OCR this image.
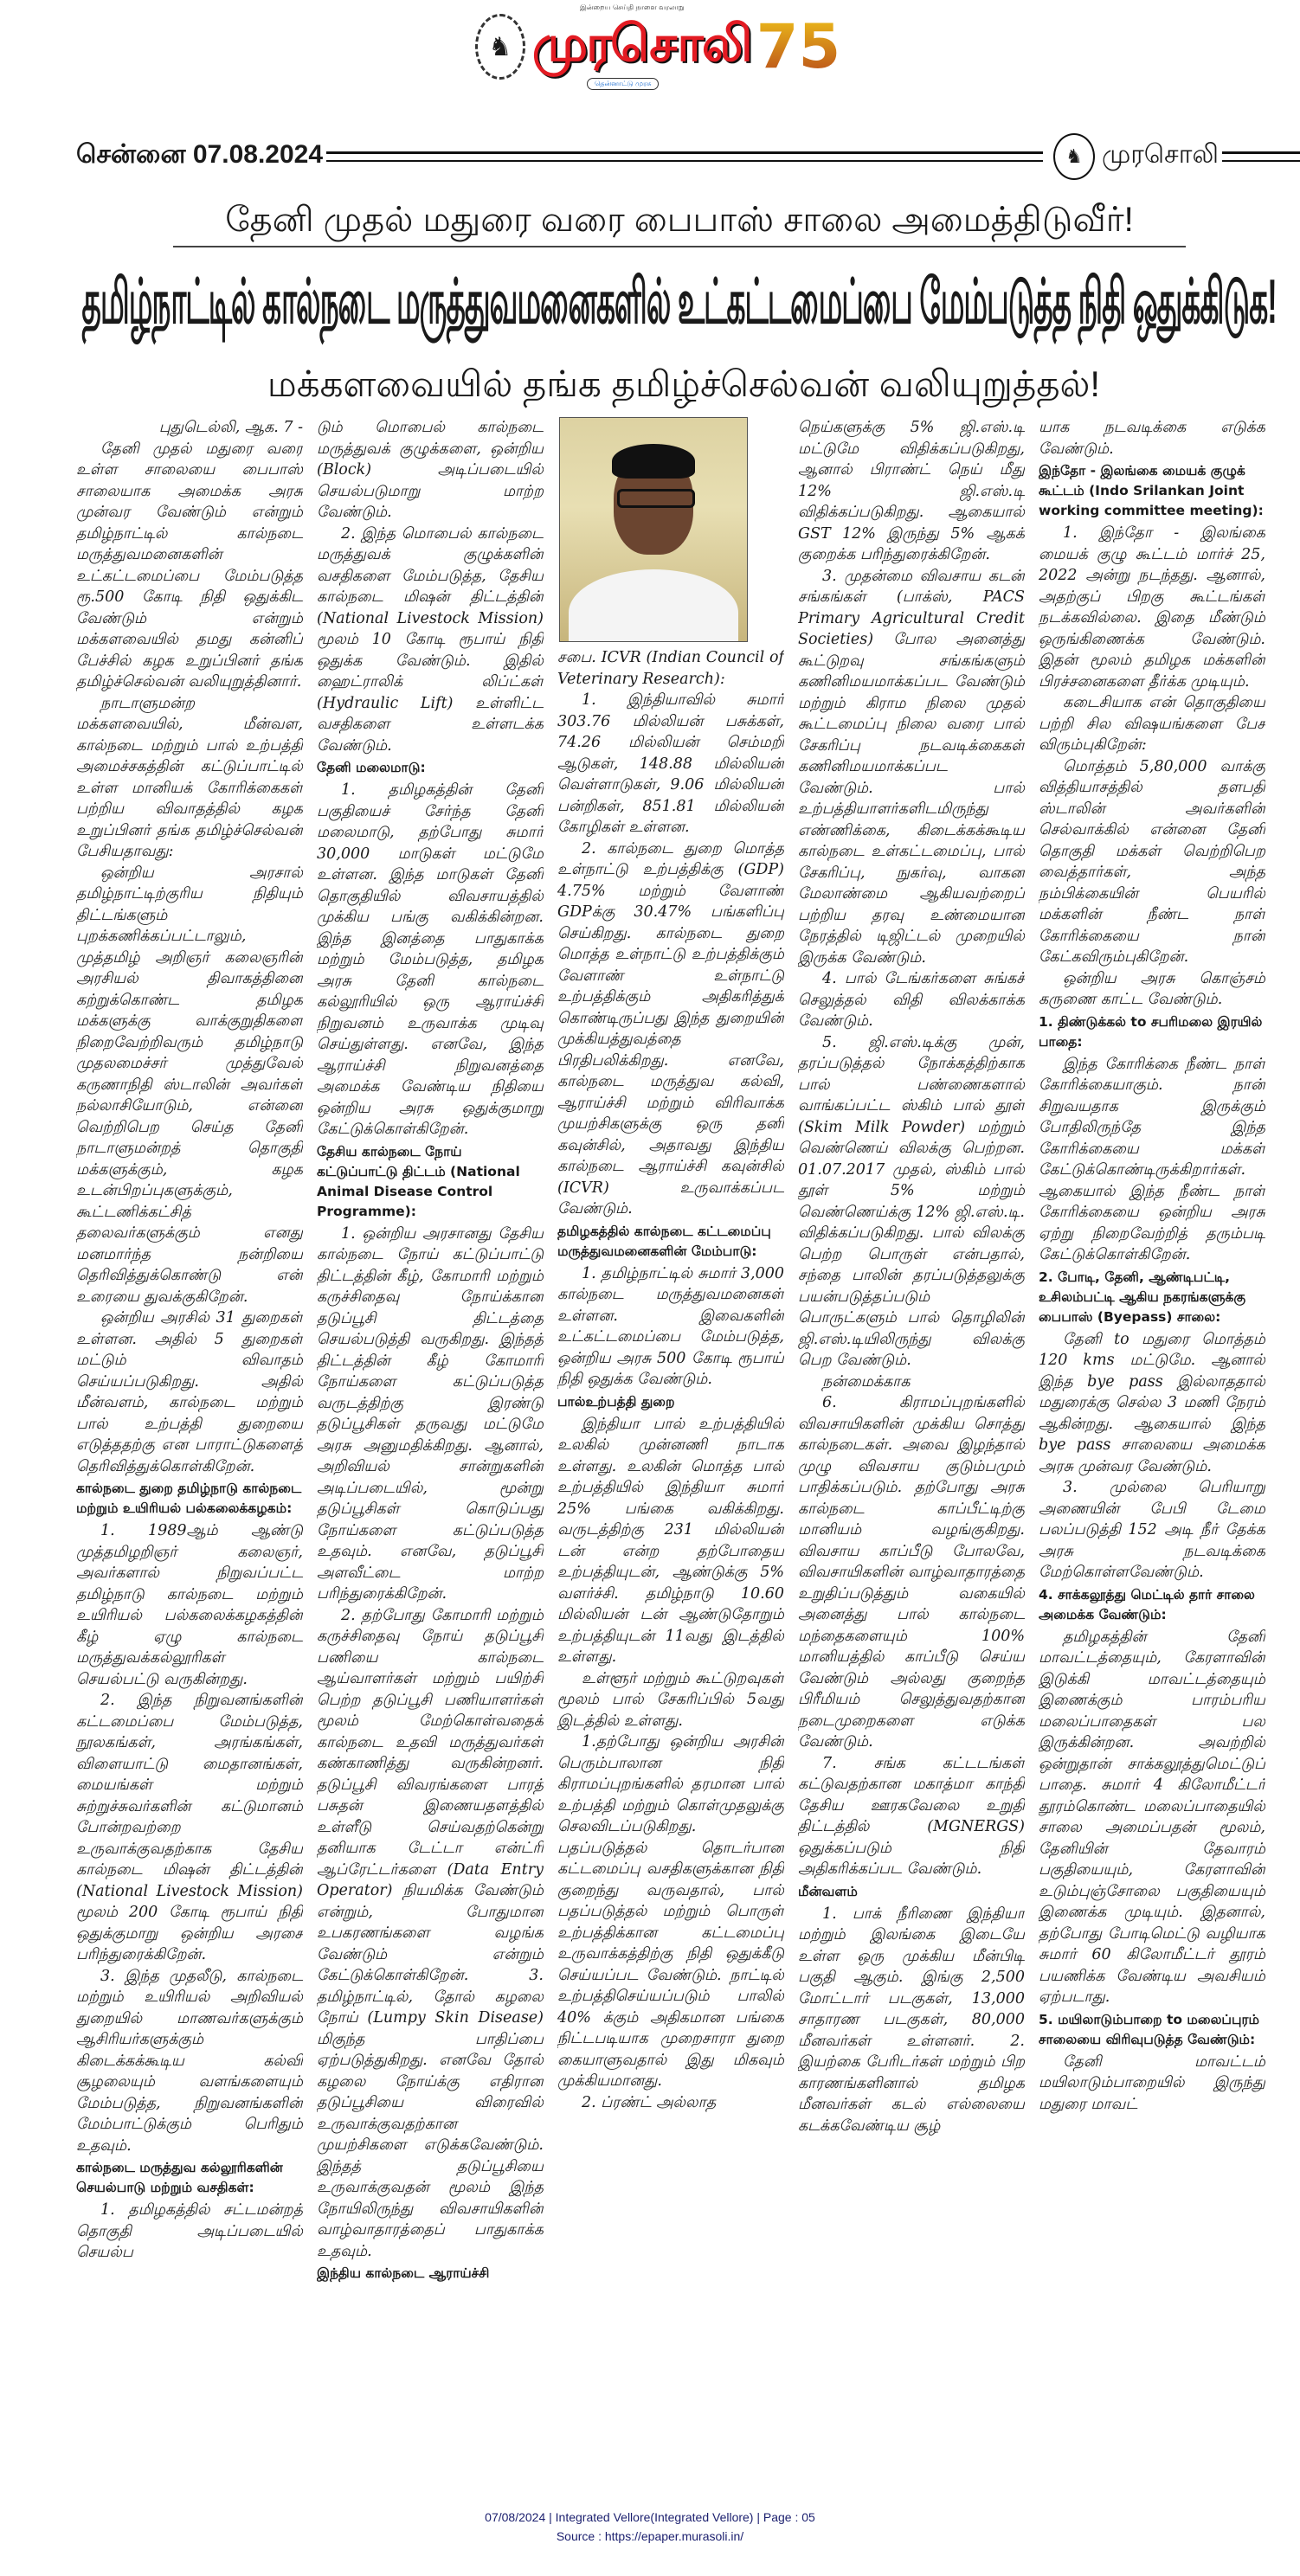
இன்றைய செய்தி நாளை வரலாறு
♞ முரசொலி 75
தென்னாட்டு முரசு
சென்னை 07.08.2024	♞ முரசொலி
தேனி முதல் மதுரை வரை பைபாஸ் சாலை அமைத்திடுவீர்!
தமிழ்நாட்டில் கால்நடை மருத்துவமனைகளில் உட்கட்டமைப்பை மேம்படுத்த நிதி ஒதுக்கிடுக!
மக்களவையில் தங்க தமிழ்ச்செல்வன் வலியுறுத்தல்!

புதுடெல்லி, ஆக. 7 -

தேனி முதல் மதுரை வரை உள்ள சாலையை பைபாஸ் சாலையாக அமைக்க அரசு முன்வர வேண்டும் என்றும் தமிழ்நாட்டில் கால்நடை மருத்துவமனைகளின் உட்கட்டமைப்பை மேம்படுத்த ரூ.500 கோடி நிதி ஒதுக்கிட வேண்டும் என்றும் மக்களவையில் தமது கன்னிப் பேச்சில் கழக உறுப்பினர் தங்க தமிழ்ச்செல்வன் வலியுறுத்தினார்.

நாடாளுமன்ற மக்களவையில், மீன்வள, கால்நடை மற்றும் பால் உற்பத்தி அமைச்சகத்தின் கட்டுப்பாட்டில் உள்ள மானியக் கோரிக்கைகள் பற்றிய விவாதத்தில் கழக உறுப்பினர் தங்க தமிழ்ச்செல்வன் பேசியதாவது:

ஒன்றிய அரசால் தமிழ்நாட்டிற்குரிய நிதியும் திட்டங்களும் புறக்கணிக்கப்பட்டாலும், முத்தமிழ் அறிஞர் கலைஞரின் அரசியல் திவாகத்தினை கற்றுக்கொண்ட தமிழக மக்களுக்கு வாக்குறுதிகளை நிறைவேற்றிவரும் தமிழ்நாடு முதலமைச்சர் முத்துவேல் கருணாநிதி ஸ்டாலின் அவர்கள் நல்லாசியோடும், என்னை வெற்றிபெற செய்த தேனி நாடாளுமன்றத் தொகுதி மக்களுக்கும், கழக உடன்பிறப்புகளுக்கும், கூட்டணிக்கட்சித் தலைவர்களுக்கும் எனது மனமார்ந்த நன்றியை தெரிவித்துக்கொண்டு என் உரையை துவக்குகிறேன்.

ஒன்றிய அரசில் 31 துறைகள் உள்ளன. அதில் 5 துறைகள் மட்டும் விவாதம் செய்யப்படுகிறது. அதில் மீன்வளம், கால்நடை மற்றும் பால் உற்பத்தி துறையை எடுத்ததற்கு என பாராட்டுகளைத் தெரிவித்துக்கொள்கிறேன்.

கால்நடை துறை தமிழ்நாடு கால்நடை மற்றும் உயிரியல் பல்கலைக்கழகம்:

1. 1989ஆம் ஆண்டு முத்தமிழறிஞர் கலைஞர், அவர்களால் நிறுவப்பட்ட தமிழ்நாடு கால்நடை மற்றும் உயிரியல் பல்கலைக்கழகத்தின் கீழ் ஏழு கால்நடை மருத்துவக்கல்லூரிகள் செயல்பட்டு வருகின்றது.

2. இந்த நிறுவனங்களின் கட்டமைப்பை மேம்படுத்த, நூலகங்கள், அரங்கங்கள், விளையாட்டு மைதானங்கள், மையங்கள் மற்றும் சுற்றுச்சுவர்களின் கட்டுமானம் போன்றவற்றை உருவாக்குவதற்காக தேசிய கால்நடை மிஷன் திட்டத்தின் (National Livestock Mission) மூலம் 200 கோடி ரூபாய் நிதி ஒதுக்குமாறு ஒன்றிய அரசை பரிந்துரைக்கிறேன்.

3. இந்த முதலீடு, கால்நடை மற்றும் உயிரியல் அறிவியல் துறையில் மாணவர்களுக்கும் ஆசிரியர்களுக்கும் கிடைக்கக்கூடிய கல்வி சூழலையும் வளங்களையும் மேம்படுத்த, நிறுவனங்களின் மேம்பாட்டுக்கும் பெரிதும் உதவும்.

கால்நடை மருத்துவ கல்லூரிகளின் செயல்பாடு மற்றும் வசதிகள்:

1. தமிழகத்தில் சட்டமன்றத் தொகுதி அடிப்படையில் செயல்ப

டும் மொபைல் கால்நடை மருத்துவக் குழுக்களை, ஒன்றிய (Block) அடிப்படையில் செயல்படுமாறு மாற்ற வேண்டும்.

2. இந்த மொபைல் கால்நடை மருத்துவக் குழுக்களின் வசதிகளை மேம்படுத்த, தேசிய கால்நடை மிஷன் திட்டத்தின் (National Livestock Mission) மூலம் 10 கோடி ரூபாய் நிதி ஒதுக்க வேண்டும். இதில் ஹைட்ராலிக் லிப்ட்கள் (Hydraulic Lift) உள்ளிட்ட வசதிகளை உள்ளடக்க வேண்டும்.

தேனி மலைமாடு:

1. தமிழகத்தின் தேனி பகுதியைச் சேர்ந்த தேனி மலைமாடு, தற்போது சுமார் 30,000 மாடுகள் மட்டுமே உள்ளன. இந்த மாடுகள் தேனி தொகுதியில் விவசாயத்தில் முக்கிய பங்கு வகிக்கின்றன. இந்த இனத்தை பாதுகாக்க மற்றும் மேம்படுத்த, தமிழக அரசு தேனி கால்நடை கல்லூரியில் ஒரு ஆராய்ச்சி நிறுவனம் உருவாக்க முடிவு செய்துள்ளது. எனவே, இந்த ஆராய்ச்சி நிறுவனத்தை அமைக்க வேண்டிய நிதியை ஒன்றிய அரசு ஒதுக்குமாறு கேட்டுக்கொள்கிறேன்.

தேசிய கால்நடை நோய் கட்டுப்பாட்டு திட்டம் (National Animal Disease Control Programme):

1. ஒன்றிய அரசானது தேசிய கால்நடை நோய் கட்டுப்பாட்டு திட்டத்தின் கீழ், கோமாரி மற்றும் கருச்சிதைவு நோய்க்கான தடுப்பூசி திட்டத்தை செயல்படுத்தி வருகிறது. இந்தத் திட்டத்தின் கீழ் கோமாரி நோய்களை கட்டுப்படுத்த வருடத்திற்கு இரண்டு தடுப்பூசிகள் தருவது மட்டுமே அரசு அனுமதிக்கிறது. ஆனால், அறிவியல் சான்றுகளின் அடிப்படையில், மூன்று தடுப்பூசிகள் கொடுப்பது நோய்களை கட்டுப்படுத்த உதவும். எனவே, தடுப்பூசி அளவீட்டை மாற்ற பரிந்துரைக்கிறேன்.

2. தற்போது கோமாரி மற்றும் கருச்சிதைவு நோய் தடுப்பூசி பணியை கால்நடை ஆய்வாளர்கள் மற்றும் பயிற்சி பெற்ற தடுப்பூசி பணியாளர்கள் மூலம் மேற்கொள்வதைக் கால்நடை உதவி மருத்துவர்கள் கண்காணித்து வருகின்றனர். தடுப்பூசி விவரங்களை பாரத் பசுதன் இணையதளத்தில் உள்ளீடு செய்வதற்கென்று தனியாக டேட்டா என்ட்ரி ஆப்ரேட்டர்களை (Data Entry Operator) நியமிக்க வேண்டும் என்றும், போதுமான உபகரணங்களை வழங்க வேண்டும் என்றும் கேட்டுக்கொள்கிறேன். 3. தமிழ்நாட்டில், தோல் கழலை நோய் (Lumpy Skin Disease) மிகுந்த பாதிப்பை ஏற்படுத்துகிறது. எனவே தோல் கழலை நோய்க்கு எதிரான தடுப்பூசியை விரைவில் உருவாக்குவதற்கான முயற்சிகளை எடுக்கவேண்டும். இந்தத் தடுப்பூசியை உருவாக்குவதன் மூலம் இந்த நோயிலிருந்து விவசாயிகளின் வாழ்வாதாரத்தைப் பாதுகாக்க உதவும்.

இந்திய கால்நடை ஆராய்ச்சி

சபை. ICVR (Indian Council of Veterinary Research):

1. இந்தியாவில் சுமார் 303.76 மில்லியன் பசுக்கள், 74.26 மில்லியன் செம்மறி ஆடுகள், 148.88 மில்லியன் வெள்ளாடுகள், 9.06 மில்லியன் பன்றிகள், 851.81 மில்லியன் கோழிகள் உள்ளன.

2. கால்நடை துறை மொத்த உள்நாட்டு உற்பத்திக்கு (GDP) 4.75% மற்றும் வேளாண் GDPக்கு 30.47% பங்களிப்பு செய்கிறது. கால்நடை துறை மொத்த உள்நாட்டு உற்பத்திக்கும் வேளாண் உள்நாட்டு உற்பத்திக்கும் அதிகரித்துக் கொண்டிருப்பது இந்த துறையின் முக்கியத்துவத்தை பிரதிபலிக்கிறது. எனவே, கால்நடை மருத்துவ கல்வி, ஆராய்ச்சி மற்றும் விரிவாக்க முயற்சிகளுக்கு ஒரு தனி கவுன்சில், அதாவது இந்திய கால்நடை ஆராய்ச்சி கவுன்சில் (ICVR) உருவாக்கப்பட வேண்டும்.

தமிழகத்தில் கால்நடை கட்டமைப்பு மருத்துவமனைகளின் மேம்பாடு:

1. தமிழ்நாட்டில் சுமார் 3,000 கால்நடை மருத்துவமனைகள் உள்ளன. இவைகளின் உட்கட்டமைப்பை மேம்படுத்த, ஒன்றிய அரசு 500 கோடி ரூபாய் நிதி ஒதுக்க வேண்டும்.

பால்உற்பத்தி துறை

இந்தியா பால் உற்பத்தியில் உலகில் முன்னணி நாடாக உள்ளது. உலகின் மொத்த பால் உற்பத்தியில் இந்தியா சுமார் 25% பங்கை வகிக்கிறது. வருடத்திற்கு 231 மில்லியன் டன் என்ற தற்போதைய உற்பத்தியுடன், ஆண்டுக்கு 5% வளர்ச்சி. தமிழ்நாடு 10.60 மில்லியன் டன் ஆண்டுதோறும் உற்பத்தியுடன் 11வது இடத்தில் உள்ளது.

உள்ளூர் மற்றும் கூட்டுறவுகள் மூலம் பால் சேகரிப்பில் 5வது இடத்தில் உள்ளது.

1.தற்போது ஒன்றிய அரசின் பெரும்பாலான நிதி கிராமப்புறங்களில் தரமான பால் உற்பத்தி மற்றும் கொள்முதலுக்கு செலவிடப்படுகிறது. பதப்படுத்தல் தொடர்பான கட்டமைப்பு வசதிகளுக்கான நிதி குறைந்து வருவதால், பால் பதப்படுத்தல் மற்றும் பொருள் உற்பத்திக்கான கட்டமைப்பு உருவாக்கத்திற்கு நிதி ஒதுக்கீடு செய்யப்பட வேண்டும். நாட்டில் உற்பத்திசெய்யப்படும் பாலில் 40% க்கும் அதிகமான பங்கை நிட்டபடியாக முறைசாரா துறை கையாளுவதால் இது மிகவும் முக்கியமானது.

2. ப்ரண்ட் அல்லாத

நெய்களுக்கு 5% ஜி.எஸ்.டி மட்டுமே விதிக்கப்படுகிறது, ஆனால் பிராண்ட் நெய் மீது 12% ஜி.எஸ்.டி விதிக்கப்படுகிறது. ஆகையால் GST 12% இருந்து 5% ஆகக் குறைக்க பரிந்துரைக்கிறேன்.

3. முதன்மை விவசாய கடன் சங்கங்கள் (பாக்ஸ், PACS Primary Agricultural Credit Societies) போல அனைத்து கூட்டுறவு சங்கங்களும் கணினிமயமாக்கப்பட வேண்டும் மற்றும் கிராம நிலை முதல் கூட்டமைப்பு நிலை வரை பால் சேகரிப்பு நடவடிக்கைகள் கணினிமயமாக்கப்பட வேண்டும். பால் உற்பத்தியாளர்களிடமிருந்து எண்ணிக்கை, கிடைக்கக்கூடிய கால்நடை உள்கட்டமைப்பு, பால் சேகரிப்பு, நுகர்வு, வாகன மேலாண்மை ஆகியவற்றைப் பற்றிய தரவு உண்மையான நேரத்தில் டிஜிட்டல் முறையில் இருக்க வேண்டும்.

4. பால் டேங்கர்களை சுங்கச் செலுத்தல் விதி விலக்காக்க வேண்டும்.

5. ஜி.எஸ்.டிக்கு முன், தரப்படுத்தல் நோக்கத்திற்காக பால் பண்ணைகளால் வாங்கப்பட்ட ஸ்கிம் பால் தூள் (Skim Milk Powder) மற்றும் வெண்ணெய் விலக்கு பெற்றன. 01.07.2017 முதல், ஸ்கிம் பால் தூள் 5% மற்றும் வெண்ணெய்க்கு 12% ஜி.எஸ்.டி. விதிக்கப்படுகிறது. பால் விலக்கு பெற்ற பொருள் என்பதால், சந்தை பாலின் தரப்படுத்தலுக்கு பயன்படுத்தப்படும் பொருட்களும் பால் தொழிலின் ஜி.எஸ்.டியிலிருந்து விலக்கு பெற வேண்டும்.

நன்மைக்காக

6. கிராமப்புறங்களில் விவசாயிகளின் முக்கிய சொத்து கால்நடைகள். அவை இழந்தால் முழு விவசாய குடும்பமும் பாதிக்கப்படும். தற்போது அரசு கால்நடை காப்பீட்டிற்கு மானியம் வழங்குகிறது. விவசாய காப்பீடு போலவே, விவசாயிகளின் வாழ்வாதாரத்தை உறுதிப்படுத்தும் வகையில் அனைத்து பால் கால்நடை மந்தைகளையும் 100% மானியத்தில் காப்பீடு செய்ய வேண்டும் அல்லது குறைந்த பிரீமியம் செலுத்துவதற்கான நடைமுறைகளை எடுக்க வேண்டும்.

7. சங்க கட்டடங்கள் கட்டுவதற்கான மகாத்மா காந்தி தேசிய ஊரகவேலை உறுதி திட்டத்தில் (MGNERGS) ஒதுக்கப்படும் நிதி அதிகரிக்கப்பட வேண்டும்.

மீன்வளம்

1. பாக் நீரிணை இந்தியா மற்றும் இலங்கை இடையே உள்ள ஒரு முக்கிய மீன்பிடி பகுதி ஆகும். இங்கு 2,500 மோட்டார் படகுகள், 13,000 சாதாரண படகுகள், 80,000 மீனவர்கள் உள்ளனர். 2. இயற்கை பேரிடர்கள் மற்றும் பிற காரணங்களினால் தமிழக மீனவர்கள் கடல் எல்லையை கடக்கவேண்டிய சூழ்

யாக நடவடிக்கை எடுக்க வேண்டும்.

இந்தோ - இலங்கை மையக் குழுக் கூட்டம் (Indo Srilankan Joint working committee meeting):

1. இந்தோ - இலங்கை மையக் குழு கூட்டம் மார்ச் 25, 2022 அன்று நடந்தது. ஆனால், அதற்குப் பிறகு கூட்டங்கள் நடக்கவில்லை. இதை மீண்டும் ஒருங்கிணைக்க வேண்டும். இதன் மூலம் தமிழக மக்களின் பிரச்சனைகளை தீர்க்க முடியும்.

கடைசியாக என் தொகுதியை பற்றி சில விஷயங்களை பேச விரும்புகிறேன்:

மொத்தம் 5,80,000 வாக்கு வித்தியாசத்தில் தளபதி ஸ்டாலின் அவர்களின் செல்வாக்கில் என்னை தேனி தொகுதி மக்கள் வெற்றிபெற வைத்தார்கள், அந்த நம்பிக்கையின் பெயரில் மக்களின் நீண்ட நாள் கோரிக்கையை நான் கேட்கவிரும்புகிறேன்.

ஒன்றிய அரசு கொஞ்சம் கருணை காட்ட வேண்டும்.

1. திண்டுக்கல் to சபரிமலை இரயில் பாதை:

இந்த கோரிக்கை நீண்ட நாள் கோரிக்கையாகும். நான் சிறுவயதாக இருக்கும் போதிலிருந்தே இந்த கோரிக்கையை மக்கள் கேட்டுக்கொண்டிருக்கிறார்கள். ஆகையால் இந்த நீண்ட நாள் கோரிக்கையை ஒன்றிய அரசு ஏற்று நிறைவேற்றித் தரும்படி கேட்டுக்கொள்கிறேன்.

2. போடி, தேனி, ஆண்டிபட்டி, உசிலம்பட்டி ஆகிய நகரங்களுக்கு பைபாஸ் (Byepass) சாலை:

தேனி to மதுரை மொத்தம் 120 kms மட்டுமே. ஆனால் இந்த bye pass இல்லாததால் மதுரைக்கு செல்ல 3 மணி நேரம் ஆகின்றது. ஆகையால் இந்த bye pass சாலையை அமைக்க அரசு முன்வர வேண்டும்.

3. முல்லை பெரியாறு அணையின் பேபி டேமை பலப்படுத்தி 152 அடி நீர் தேக்க அரசு நடவடிக்கை மேற்கொள்ளவேண்டும்.

4. சாக்கலூத்து மெட்டில் தார் சாலை அமைக்க வேண்டும்:

தமிழகத்தின் தேனி மாவட்டத்தையும், கேரளாவின் இடுக்கி மாவட்டத்தையும் இணைக்கும் பாரம்பரிய மலைப்பாதைகள் பல இருக்கின்றன. அவற்றில் ஒன்றுதான் சாக்கலூத்துமெட்டுப் பாதை. சுமார் 4 கிலோமீட்டர் தூரம்கொண்ட மலைப்பாதையில் சாலை அமைப்பதன் மூலம், தேனியின் தேவாரம் பகுதியையும், கேரளாவின் உடும்புஞ்சோலை பகுதியையும் இணைக்க முடியும். இதனால், தற்போது போடிமெட்டு வழியாக சுமார் 60 கிலோமீட்டர் தூரம் பயணிக்க வேண்டிய அவசியம் ஏற்படாது.

5. மயிலாடும்பாறை to மலைப்புரம் சாலையை விரிவுபடுத்த வேண்டும்:

தேனி மாவட்டம் மயிலாடும்பாறையில் இருந்து மதுரை மாவட்

07/08/2024 | Integrated Vellore(Integrated Vellore) | Page : 05
Source : https://epaper.murasoli.in/
